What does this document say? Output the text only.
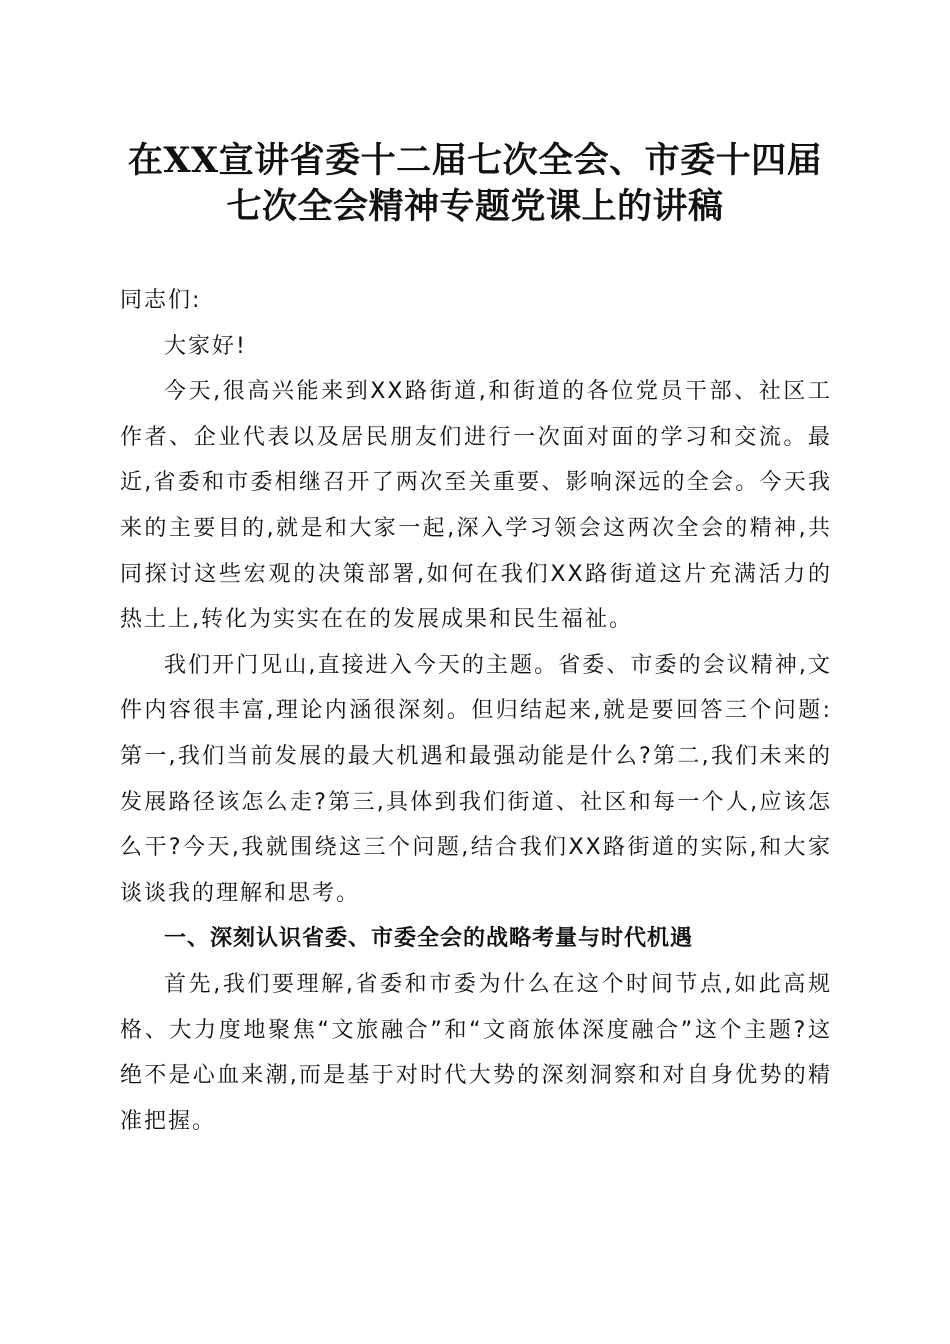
在XX宣讲省委十二届七次全会、市委十四届
七次全会精神专题党课上的讲稿

同志们:

大家好!

今天,很高兴能来到XX路街道,和街道的各位党员干部、社区工作者、企业代表以及居民朋友们进行一次面对面的学习和交流。最近,省委和市委相继召开了两次至关重要、影响深远的全会。今天我来的主要目的,就是和大家一起,深入学习领会这两次全会的精神,共同探讨这些宏观的决策部署,如何在我们XX路街道这片充满活力的热土上,转化为实实在在的发展成果和民生福祉。

我们开门见山,直接进入今天的主题。省委、市委的会议精神,文件内容很丰富,理论内涵很深刻。但归结起来,就是要回答三个问题:第一,我们当前发展的最大机遇和最强动能是什么?第二,我们未来的发展路径该怎么走?第三,具体到我们街道、社区和每一个人,应该怎么干?今天,我就围绕这三个问题,结合我们XX路街道的实际,和大家谈谈我的理解和思考。

一、深刻认识省委、市委全会的战略考量与时代机遇

首先,我们要理解,省委和市委为什么在这个时间节点,如此高规格、大力度地聚焦“文旅融合”和“文商旅体深度融合”这个主题?这绝不是心血来潮,而是基于对时代大势的深刻洞察和对自身优势的精准把握。
